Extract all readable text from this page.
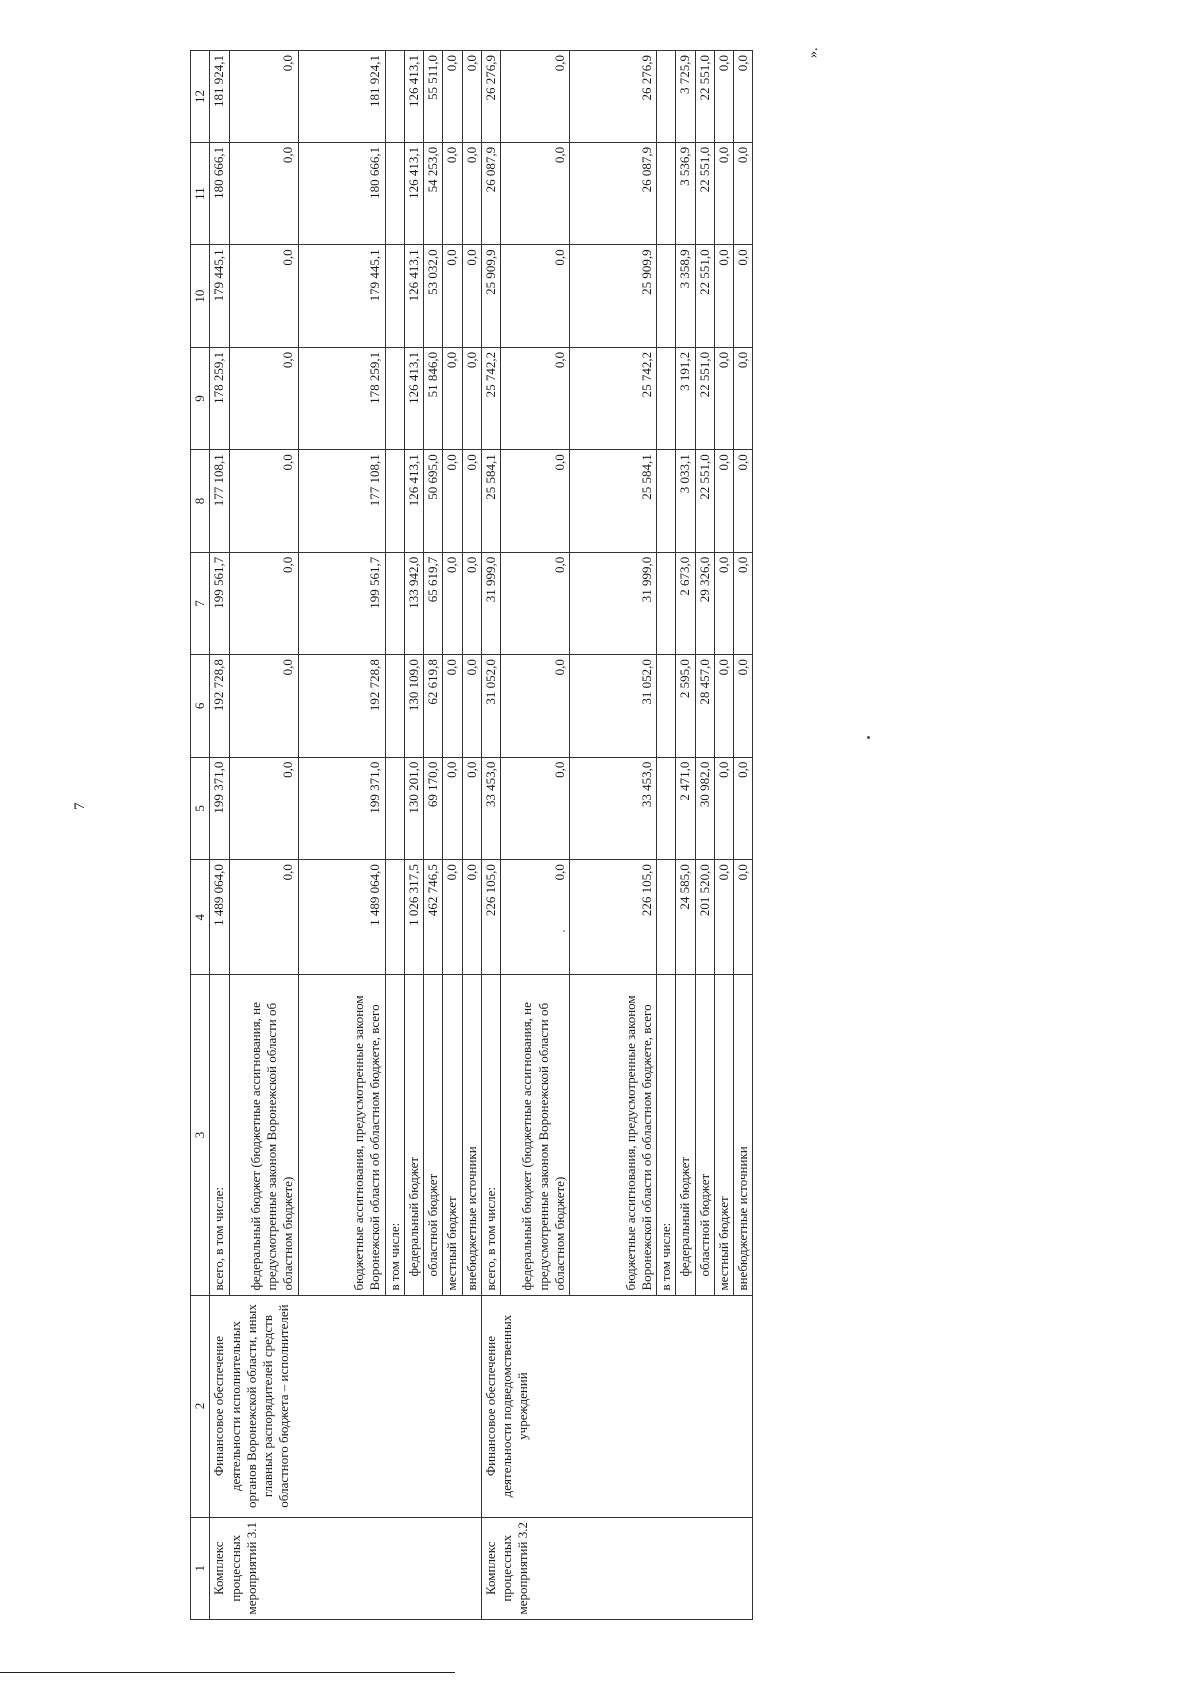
7
».
1	2	3	4	5	6	7	8	9	10	11	12
Комплекс процессных мероприятий 3.1	Финансовое обеспечение деятельности исполнительных органов Воронежской области, иных главных распорядителей средств областного бюджета – исполнителей	всего, в том числе:	1 489 064,0	199 371,0	192 728,8	199 561,7	177 108,1	178 259,1	179 445,1	180 666,1	181 924,1
		федеральный бюджет (бюджетные ассигнования, не предусмотренные законом Воронежской области об областном бюджете)	0,0	0,0	0,0	0,0	0,0	0,0	0,0	0,0	0,0
		бюджетные ассигнования, предусмотренные законом Воронежской области об областном бюджете, всего	1 489 064,0	199 371,0	192 728,8	199 561,7	177 108,1	178 259,1	179 445,1	180 666,1	181 924,1
		в том числе:									
		федеральный бюджет	1 026 317,5	130 201,0	130 109,0	133 942,0	126 413,1	126 413,1	126 413,1	126 413,1	126 413,1
		областной бюджет	462 746,5	69 170,0	62 619,8	65 619,7	50 695,0	51 846,0	53 032,0	54 253,0	55 511,0
		местный бюджет	0,0	0,0	0,0	0,0	0,0	0,0	0,0	0,0	0,0
		внебюджетные источники	0,0	0,0	0,0	0,0	0,0	0,0	0,0	0,0	0,0
Комплекс процессных мероприятий 3.2	Финансовое обеспечение деятельности подведомственных учреждений	всего, в том числе:	226 105,0	33 453,0	31 052,0	31 999,0	25 584,1	25 742,2	25 909,9	26 087,9	26 276,9
		федеральный бюджет (бюджетные ассигнования, не предусмотренные законом Воронежской области об областном бюджете)	0,0	0,0	0,0	0,0	0,0	0,0	0,0	0,0	0,0
		бюджетные ассигнования, предусмотренные законом Воронежской области об областном бюджете, всего	226 105,0	33 453,0	31 052,0	31 999,0	25 584,1	25 742,2	25 909,9	26 087,9	26 276,9
		в том числе:									
		федеральный бюджет	24 585,0	2 471,0	2 595,0	2 673,0	3 033,1	3 191,2	3 358,9	3 536,9	3 725,9
		областной бюджет	201 520,0	30 982,0	28 457,0	29 326,0	22 551,0	22 551,0	22 551,0	22 551,0	22 551,0
		местный бюджет	0,0	0,0	0,0	0,0	0,0	0,0	0,0	0,0	0,0
		внебюджетные источники	0,0	0,0	0,0	0,0	0,0	0,0	0,0	0,0	0,0
